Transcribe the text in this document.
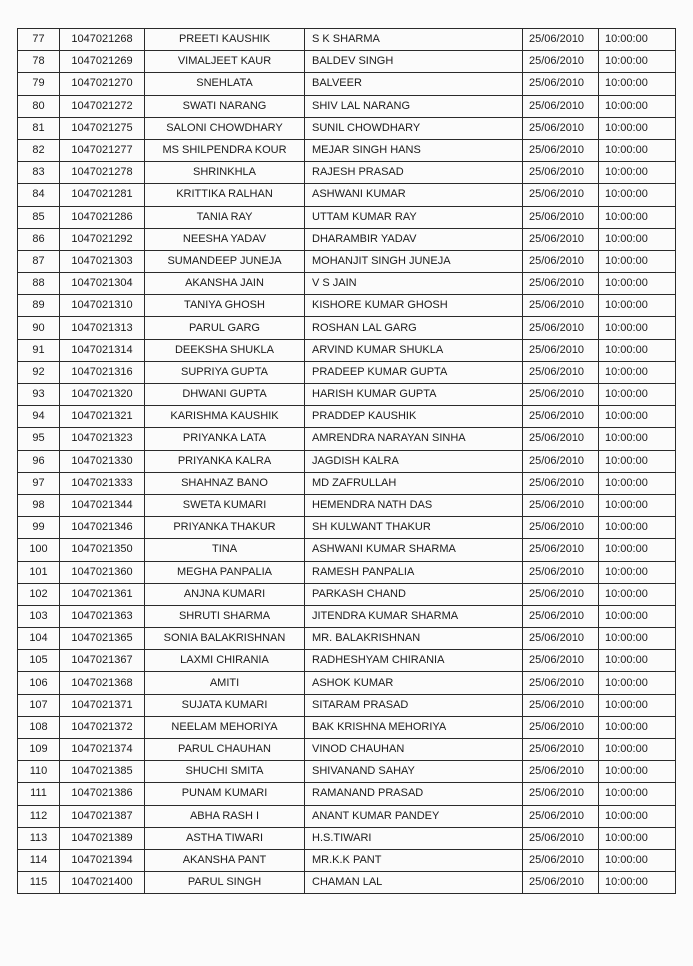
77	1047021268	PREETI KAUSHIK	S K SHARMA	25/06/2010	10:00:00
78	1047021269	VIMALJEET KAUR	BALDEV SINGH	25/06/2010	10:00:00
79	1047021270	SNEHLATA	BALVEER	25/06/2010	10:00:00
80	1047021272	SWATI NARANG	SHIV LAL NARANG	25/06/2010	10:00:00
81	1047021275	SALONI CHOWDHARY	SUNIL CHOWDHARY	25/06/2010	10:00:00
82	1047021277	MS SHILPENDRA KOUR	MEJAR SINGH HANS	25/06/2010	10:00:00
83	1047021278	SHRINKHLA	RAJESH PRASAD	25/06/2010	10:00:00
84	1047021281	KRITTIKA RALHAN	ASHWANI KUMAR	25/06/2010	10:00:00
85	1047021286	TANIA RAY	UTTAM KUMAR RAY	25/06/2010	10:00:00
86	1047021292	NEESHA YADAV	DHARAMBIR YADAV	25/06/2010	10:00:00
87	1047021303	SUMANDEEP JUNEJA	MOHANJIT SINGH JUNEJA	25/06/2010	10:00:00
88	1047021304	AKANSHA JAIN	V S JAIN	25/06/2010	10:00:00
89	1047021310	TANIYA GHOSH	KISHORE KUMAR GHOSH	25/06/2010	10:00:00
90	1047021313	PARUL GARG	ROSHAN LAL GARG	25/06/2010	10:00:00
91	1047021314	DEEKSHA SHUKLA	ARVIND KUMAR SHUKLA	25/06/2010	10:00:00
92	1047021316	SUPRIYA GUPTA	PRADEEP KUMAR GUPTA	25/06/2010	10:00:00
93	1047021320	DHWANI GUPTA	HARISH KUMAR GUPTA	25/06/2010	10:00:00
94	1047021321	KARISHMA KAUSHIK	PRADDEP KAUSHIK	25/06/2010	10:00:00
95	1047021323	PRIYANKA LATA	AMRENDRA NARAYAN SINHA	25/06/2010	10:00:00
96	1047021330	PRIYANKA KALRA	JAGDISH KALRA	25/06/2010	10:00:00
97	1047021333	SHAHNAZ BANO	MD ZAFRULLAH	25/06/2010	10:00:00
98	1047021344	SWETA KUMARI	HEMENDRA NATH DAS	25/06/2010	10:00:00
99	1047021346	PRIYANKA THAKUR	SH KULWANT THAKUR	25/06/2010	10:00:00
100	1047021350	TINA	ASHWANI KUMAR SHARMA	25/06/2010	10:00:00
101	1047021360	MEGHA PANPALIA	RAMESH PANPALIA	25/06/2010	10:00:00
102	1047021361	ANJNA KUMARI	PARKASH CHAND	25/06/2010	10:00:00
103	1047021363	SHRUTI SHARMA	JITENDRA KUMAR SHARMA	25/06/2010	10:00:00
104	1047021365	SONIA BALAKRISHNAN	MR. BALAKRISHNAN	25/06/2010	10:00:00
105	1047021367	LAXMI CHIRANIA	RADHESHYAM CHIRANIA	25/06/2010	10:00:00
106	1047021368	AMITI	ASHOK KUMAR	25/06/2010	10:00:00
107	1047021371	SUJATA KUMARI	SITARAM PRASAD	25/06/2010	10:00:00
108	1047021372	NEELAM MEHORIYA	BAK KRISHNA MEHORIYA	25/06/2010	10:00:00
109	1047021374	PARUL CHAUHAN	VINOD CHAUHAN	25/06/2010	10:00:00
110	1047021385	SHUCHI SMITA	SHIVANAND SAHAY	25/06/2010	10:00:00
111	1047021386	PUNAM KUMARI	RAMANAND PRASAD	25/06/2010	10:00:00
112	1047021387	ABHA RASH I	ANANT KUMAR PANDEY	25/06/2010	10:00:00
113	1047021389	ASTHA TIWARI	H.S.TIWARI	25/06/2010	10:00:00
114	1047021394	AKANSHA PANT	MR.K.K PANT	25/06/2010	10:00:00
115	1047021400	PARUL SINGH	CHAMAN LAL	25/06/2010	10:00:00
